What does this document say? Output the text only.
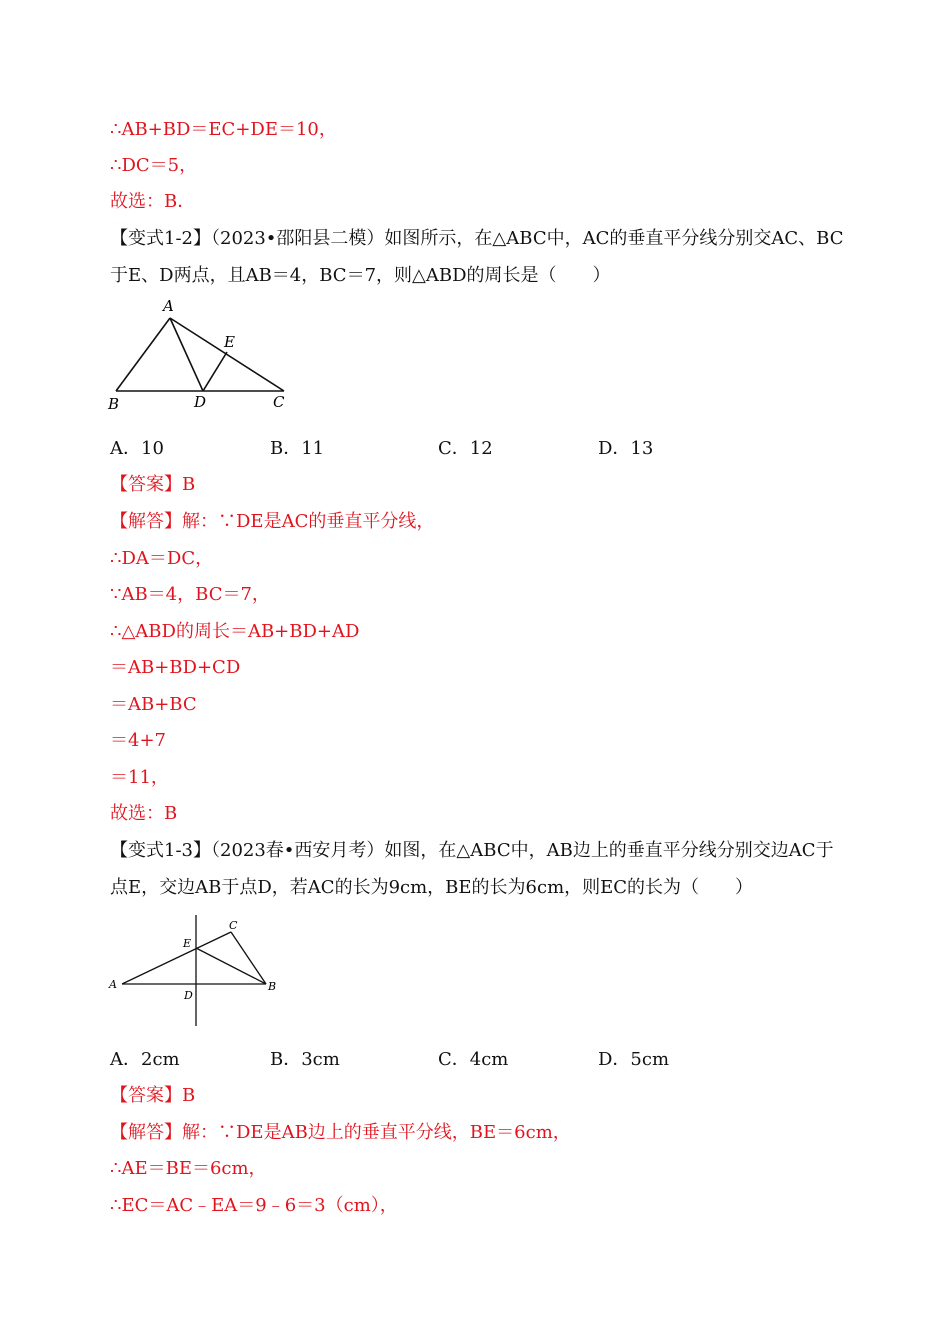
∴AB+BD＝EC+DE＝10，
∴DC＝5，
故选：B．
【变式1-2】（2023•邵阳县二模）如图所示，在△ABC中，AC的垂直平分线分别交AC、BC
于E、D两点，且AB＝4，BC＝7，则△ABD的周长是（　　）
A
B	D	C
E
A．10	B．11	C．12	D．13
【答案】B
【解答】解：∵DE是AC的垂直平分线，
∴DA＝DC，
∵AB＝4，BC＝7，
∴△ABD的周长＝AB+BD+AD
＝AB+BD+CD
＝AB+BC
＝4+7
＝11，
故选：B
【变式1-3】（2023春•西安月考）如图，在△ABC中，AB边上的垂直平分线分别交边AC于
点E，交边AB于点D，若AC的长为9cm，BE的长为6cm，则EC的长为（　　）
A	B
C
D
E
A．2cm	B．3cm	C．4cm	D．5cm
【答案】B
【解答】解：∵DE是AB边上的垂直平分线，BE＝6cm，
∴AE＝BE＝6cm，
∴EC＝AC﹣EA＝9﹣6＝3（cm），
